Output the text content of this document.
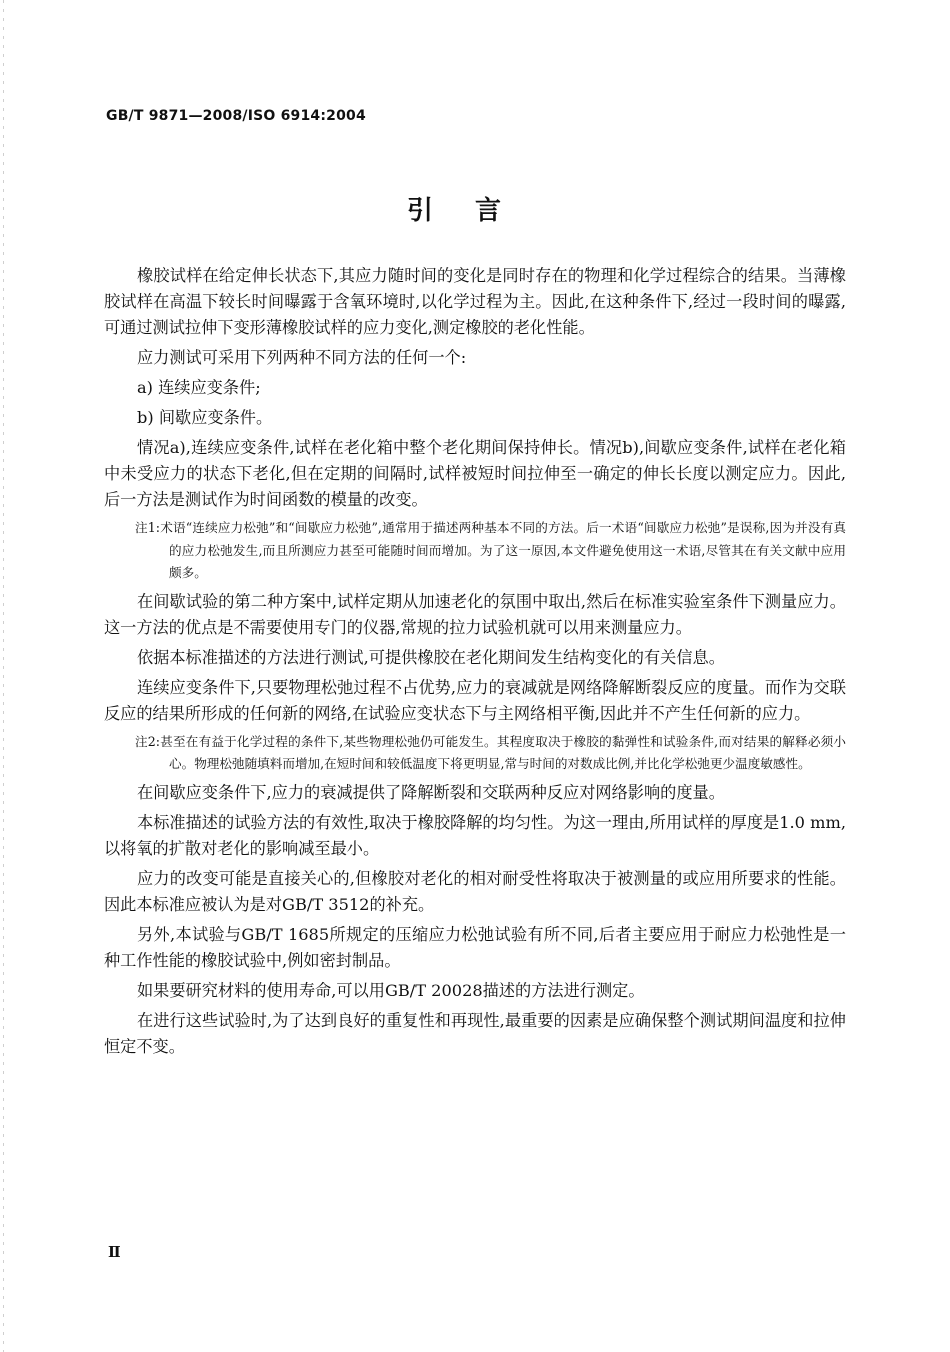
GB/T 9871—2008/ISO 6914:2004
引言

橡胶试样在给定伸长状态下,其应力随时间的变化是同时存在的物理和化学过程综合的结果。当薄橡胶试样在高温下较长时间曝露于含氧环境时,以化学过程为主。因此,在这种条件下,经过一段时间的曝露,可通过测试拉伸下变形薄橡胶试样的应力变化,测定橡胶的老化性能。

应力测试可采用下列两种不同方法的任何一个:

a) 连续应变条件;

b) 间歇应变条件。

情况a),连续应变条件,试样在老化箱中整个老化期间保持伸长。情况b),间歇应变条件,试样在老化箱中未受应力的状态下老化,但在定期的间隔时,试样被短时间拉伸至一确定的伸长长度以测定应力。因此,后一方法是测试作为时间函数的模量的改变。

注1:术语“连续应力松弛”和“间歇应力松弛”,通常用于描述两种基本不同的方法。后一术语“间歇应力松弛”是误称,因为并没有真的应力松弛发生,而且所测应力甚至可能随时间而增加。为了这一原因,本文件避免使用这一术语,尽管其在有关文献中应用颇多。

在间歇试验的第二种方案中,试样定期从加速老化的氛围中取出,然后在标准实验室条件下测量应力。这一方法的优点是不需要使用专门的仪器,常规的拉力试验机就可以用来测量应力。

依据本标准描述的方法进行测试,可提供橡胶在老化期间发生结构变化的有关信息。

连续应变条件下,只要物理松弛过程不占优势,应力的衰减就是网络降解断裂反应的度量。而作为交联反应的结果所形成的任何新的网络,在试验应变状态下与主网络相平衡,因此并不产生任何新的应力。

注2:甚至在有益于化学过程的条件下,某些物理松弛仍可能发生。其程度取决于橡胶的黏弹性和试验条件,而对结果的解释必须小心。物理松弛随填料而增加,在短时间和较低温度下将更明显,常与时间的对数成比例,并比化学松弛更少温度敏感性。

在间歇应变条件下,应力的衰减提供了降解断裂和交联两种反应对网络影响的度量。

本标准描述的试验方法的有效性,取决于橡胶降解的均匀性。为这一理由,所用试样的厚度是1.0 mm,以将氧的扩散对老化的影响减至最小。

应力的改变可能是直接关心的,但橡胶对老化的相对耐受性将取决于被测量的或应用所要求的性能。因此本标准应被认为是对GB/T 3512的补充。

另外,本试验与GB/T 1685所规定的压缩应力松弛试验有所不同,后者主要应用于耐应力松弛性是一种工作性能的橡胶试验中,例如密封制品。

如果要研究材料的使用寿命,可以用GB/T 20028描述的方法进行测定。

在进行这些试验时,为了达到良好的重复性和再现性,最重要的因素是应确保整个测试期间温度和拉伸恒定不变。

Ⅱ
